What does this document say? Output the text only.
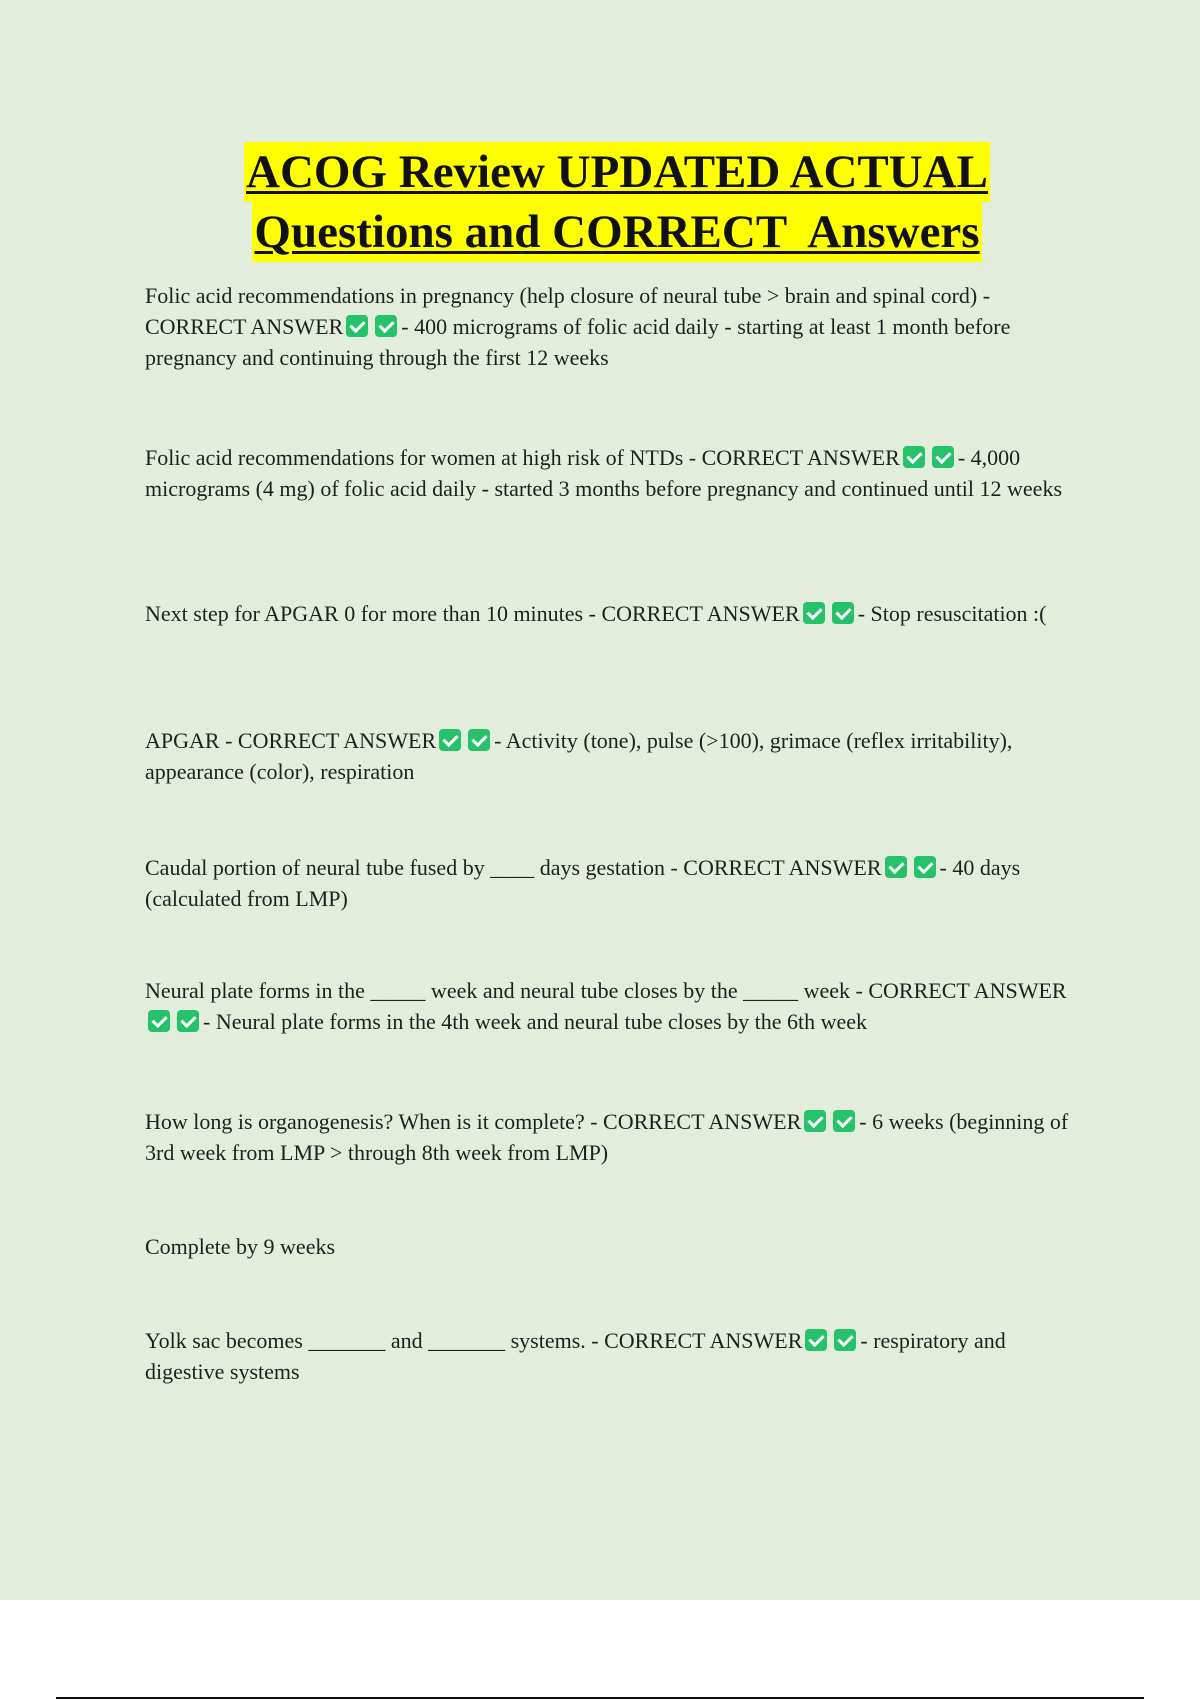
ACOG Review UPDATED ACTUAL
Questions and CORRECT  Answers

Folic acid recommendations in pregnancy (help closure of neural tube > brain and spinal cord) - CORRECT ANSWER	- 400 micrograms of folic acid daily - starting at least 1 month before pregnancy and continuing through the first 12 weeks

Folic acid recommendations for women at high risk of NTDs - CORRECT ANSWER	- 4,000 micrograms (4 mg) of folic acid daily - started 3 months before pregnancy and continued until 12 weeks

Next step for APGAR 0 for more than 10 minutes - CORRECT ANSWER	- Stop resuscitation :(

APGAR - CORRECT ANSWER	- Activity (tone), pulse (>100), grimace (reflex irritability), appearance (color), respiration

Caudal portion of neural tube fused by ____ days gestation - CORRECT ANSWER	- 40 days (calculated from LMP)

Neural plate forms in the _____ week and neural tube closes by the _____ week - CORRECT ANSWER- Neural plate forms in the 4th week and neural tube closes by the 6th week

How long is organogenesis? When is it complete? - CORRECT ANSWER	- 6 weeks (beginning of 3rd week from LMP > through 8th week from LMP)

Complete by 9 weeks

Yolk sac becomes _______ and _______ systems. - CORRECT ANSWER	- respiratory and digestive systems
